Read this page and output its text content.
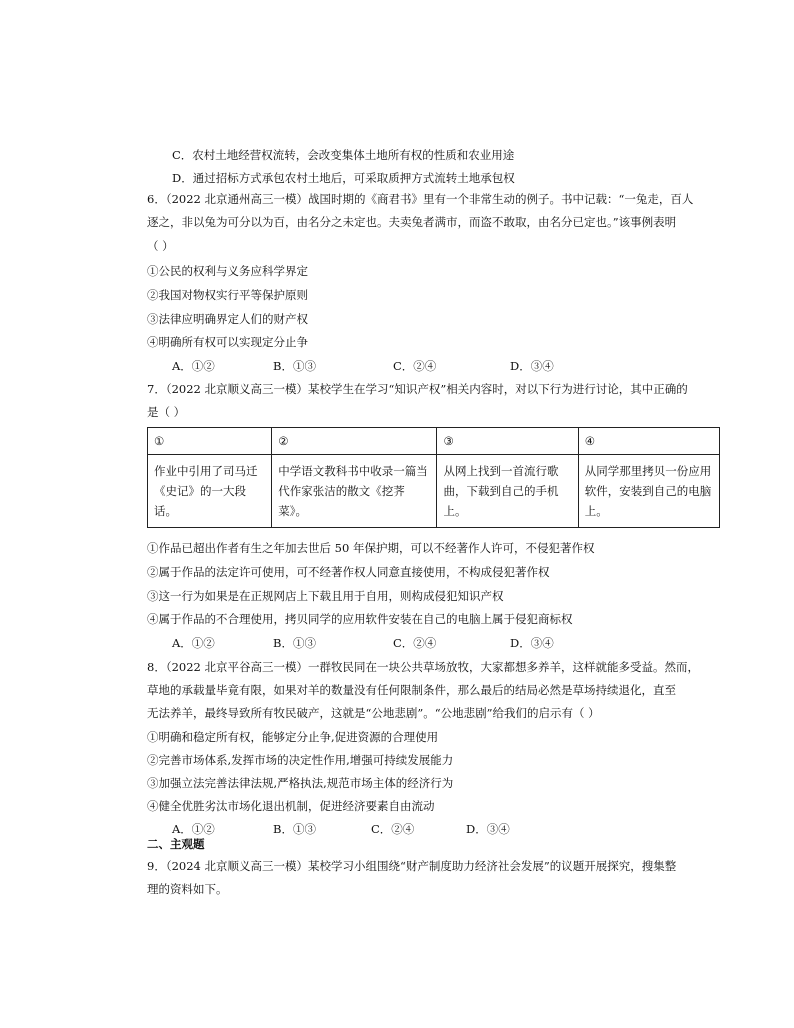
C．农村土地经营权流转，会改变集体土地所有权的性质和农业用途
D．通过招标方式承包农村土地后，可采取质押方式流转土地承包权
6．（2022 北京通州高三一模）战国时期的《商君书》里有一个非常生动的例子。书中记载：“一兔走，百人
逐之，非以兔为可分以为百，由名分之未定也。夫卖兔者满市，而盗不敢取，由名分已定也。”该事例表明
（ ）
①公民的权利与义务应科学界定
②我国对物权实行平等保护原则
③法律应明确界定人们的财产权
④明确所有权可以实现定分止争
A．①②	B．①③	C．②④	D．③④
7．（2022 北京顺义高三一模）某校学生在学习“知识产权”相关内容时，对以下行为进行讨论，其中正确的
是（ ）
①	②	③	④
作业中引用了司马迁《史记》的一大段话。	中学语文教科书中收录一篇当代作家张洁的散文《挖荠菜》。	从网上找到一首流行歌曲，下载到自己的手机上。	从同学那里拷贝一份应用软件，安装到自己的电脑上。
①作品已超出作者有生之年加去世后 50 年保护期，可以不经著作人许可，不侵犯著作权
②属于作品的法定许可使用，可不经著作权人同意直接使用，不构成侵犯著作权
③这一行为如果是在正规网店上下载且用于自用，则构成侵犯知识产权
④属于作品的不合理使用，拷贝同学的应用软件安装在自己的电脑上属于侵犯商标权
A．①②	B．①③	C．②④	D．③④
8．（2022 北京平谷高三一模）一群牧民同在一块公共草场放牧，大家都想多养羊，这样就能多受益。然而，
草地的承载量毕竟有限，如果对羊的数量没有任何限制条件，那么最后的结局必然是草场持续退化，直至
无法养羊，最终导致所有牧民破产，这就是“公地悲剧”。“公地悲剧”给我们的启示有（ ）
①明确和稳定所有权，能够定分止争,促进资源的合理使用
②完善市场体系,发挥市场的决定性作用,增强可持续发展能力
③加强立法完善法律法规,严格执法,规范市场主体的经济行为
④健全优胜劣汰市场化退出机制，促进经济要素自由流动
A．①②	B．①③	C．②④	D．③④
二、主观题
9．（2024 北京顺义高三一模）某校学习小组围绕“财产制度助力经济社会发展”的议题开展探究，搜集整
理的资料如下。
